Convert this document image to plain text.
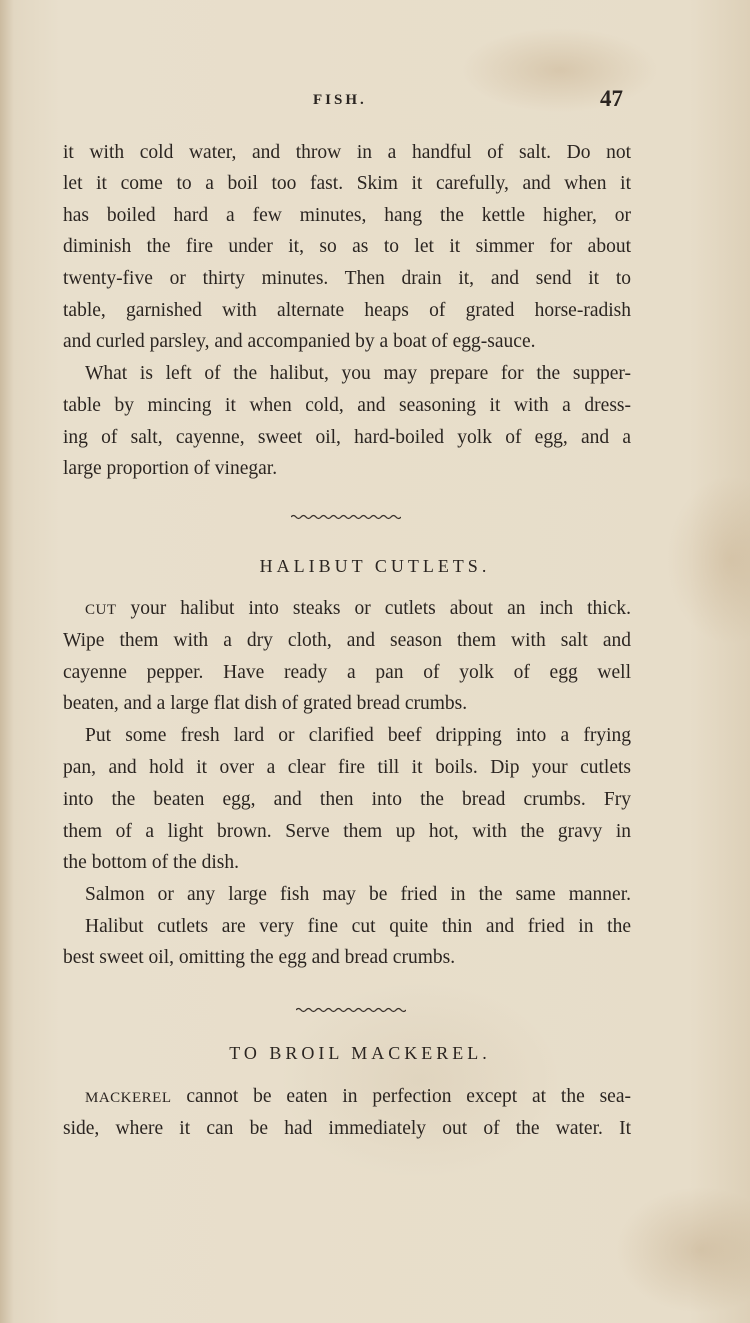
FISH.	47
it with cold water, and throw in a handful of salt. Do not
let it come to a boil too fast. Skim it carefully, and when it
has boiled hard a few minutes, hang the kettle higher, or
diminish the fire under it, so as to let it simmer for about
twenty-five or thirty minutes. Then drain it, and send it to
table, garnished with alternate heaps of grated horse-radish
and curled parsley, and accompanied by a boat of egg-sauce.
What is left of the halibut, you may prepare for the supper-
table by mincing it when cold, and seasoning it with a dress-
ing of salt, cayenne, sweet oil, hard-boiled yolk of egg, and a
large proportion of vinegar.
HALIBUT CUTLETS.
CUT your halibut into steaks or cutlets about an inch thick.
Wipe them with a dry cloth, and season them with salt and
cayenne pepper. Have ready a pan of yolk of egg well
beaten, and a large flat dish of grated bread crumbs.
Put some fresh lard or clarified beef dripping into a frying
pan, and hold it over a clear fire till it boils. Dip your cutlets
into the beaten egg, and then into the bread crumbs. Fry
them of a light brown. Serve them up hot, with the gravy in
the bottom of the dish.
Salmon or any large fish may be fried in the same manner.
Halibut cutlets are very fine cut quite thin and fried in the
best sweet oil, omitting the egg and bread crumbs.
TO BROIL MACKEREL.
MACKEREL cannot be eaten in perfection except at the sea-
side, where it can be had immediately out of the water. It
